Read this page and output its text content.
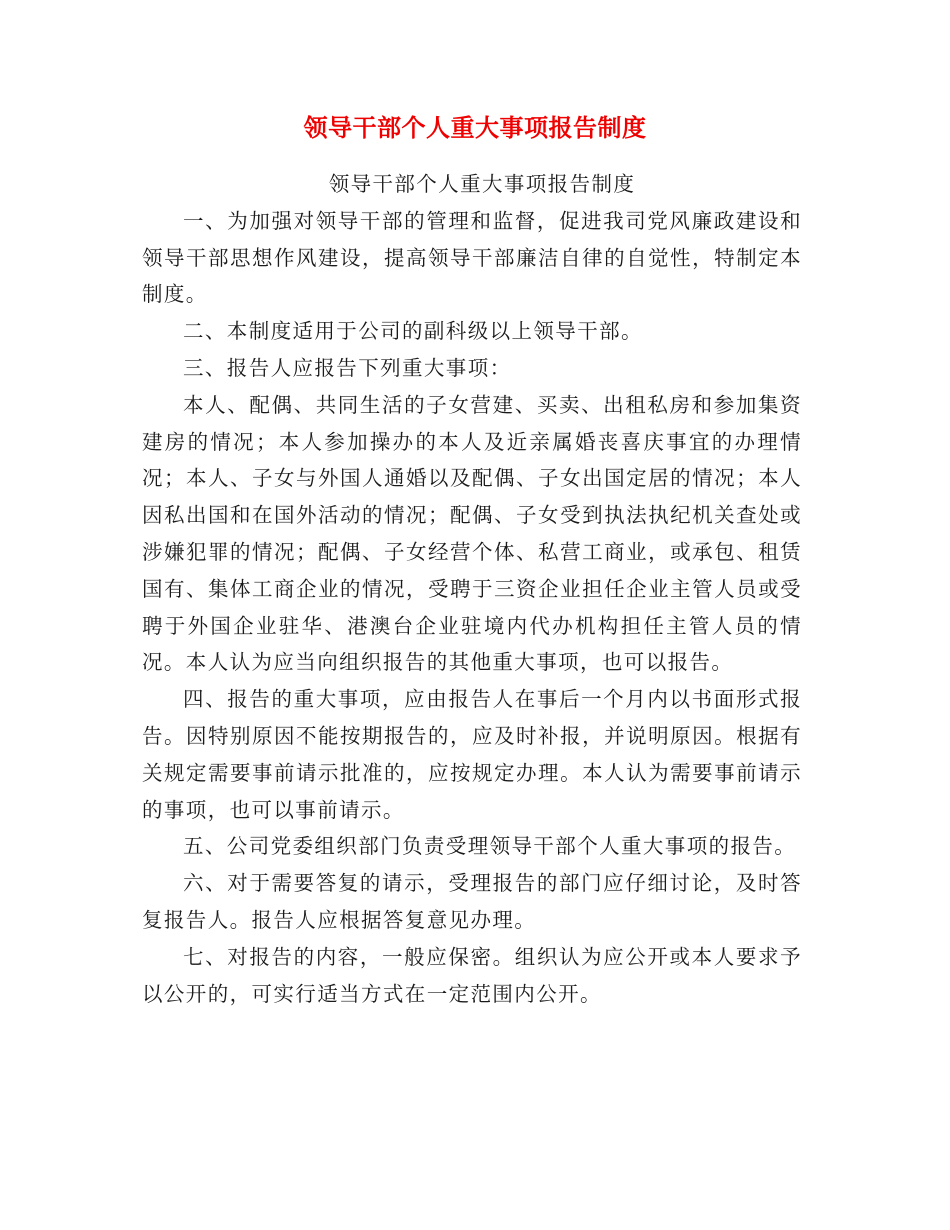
领导干部个人重大事项报告制度

领导干部个人重大事项报告制度

一、为加强对领导干部的管理和监督，促进我司党风廉政建设和领导干部思想作风建设，提高领导干部廉洁自律的自觉性，特制定本制度。

二、本制度适用于公司的副科级以上领导干部。

三、报告人应报告下列重大事项：

本人、配偶、共同生活的子女营建、买卖、出租私房和参加集资建房的情况；本人参加操办的本人及近亲属婚丧喜庆事宜的办理情况；本人、子女与外国人通婚以及配偶、子女出国定居的情况；本人因私出国和在国外活动的情况；配偶、子女受到执法执纪机关查处或涉嫌犯罪的情况；配偶、子女经营个体、私营工商业，或承包、租赁国有、集体工商企业的情况，受聘于三资企业担任企业主管人员或受聘于外国企业驻华、港澳台企业驻境内代办机构担任主管人员的情况。本人认为应当向组织报告的其他重大事项，也可以报告。

四、报告的重大事项，应由报告人在事后一个月内以书面形式报告。因特别原因不能按期报告的，应及时补报，并说明原因。根据有关规定需要事前请示批准的，应按规定办理。本人认为需要事前请示的事项，也可以事前请示。

五、公司党委组织部门负责受理领导干部个人重大事项的报告。

六、对于需要答复的请示，受理报告的部门应仔细讨论，及时答复报告人。报告人应根据答复意见办理。

七、对报告的内容，一般应保密。组织认为应公开或本人要求予以公开的，可实行适当方式在一定范围内公开。
